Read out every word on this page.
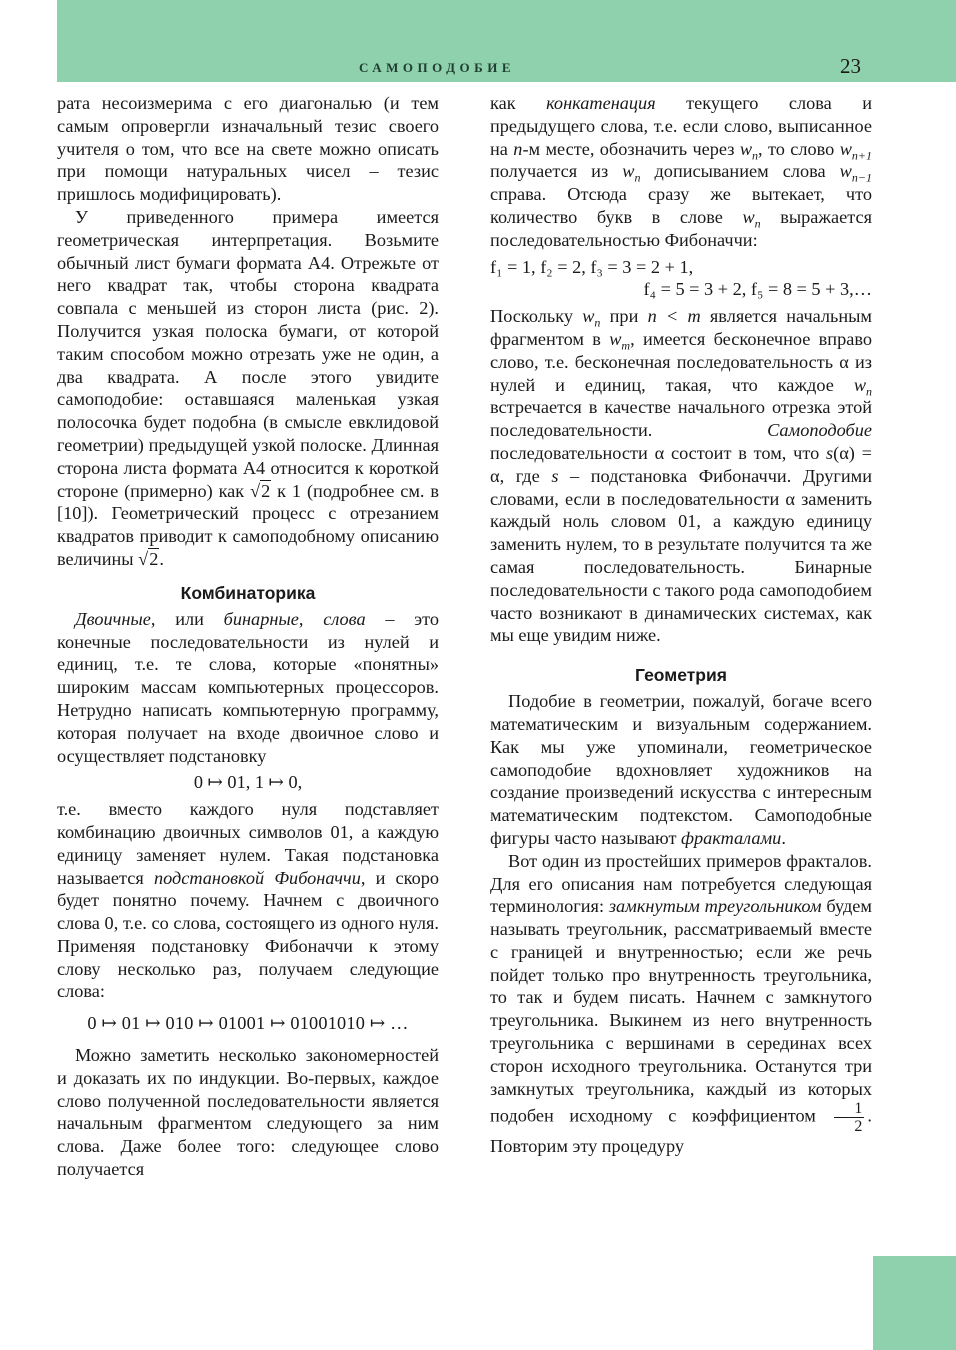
САМОПОДОБИЕ	23

рата несоизмерима с его диагональю (и тем самым опровергли изначальный тезис своего учителя о том, что все на свете можно описать при помощи натуральных чисел – тезис пришлось модифицировать).

У приведенного примера имеется геометрическая интерпретация. Возьмите обычный лист бумаги формата А4. Отрежьте от него квадрат так, чтобы сторона квадрата совпала с меньшей из сторон листа (рис. 2). Получится узкая полоска бумаги, от которой таким способом можно отрезать уже не один, а два квадрата. А после этого увидите самоподобие: оставшаяся маленькая узкая полосочка будет подобна (в смысле евклидовой геометрии) предыдущей узкой полоске. Длинная сторона листа формата А4 относится к короткой стороне (примерно) как √2 к 1 (подробнее см. в [10]). Геометрический процесс с отрезанием квадратов приводит к самоподобному описанию величины √2.

Комбинаторика

Двоичные, или бинарные, слова – это конечные последовательности из нулей и единиц, т.е. те слова, которые «понятны» широким массам компьютерных процессоров. Нетрудно написать компьютерную программу, которая получает на входе двоичное слово и осуществляет подстановку

0 ↦ 01, 1 ↦ 0,

т.е. вместо каждого нуля подставляет комбинацию двоичных символов 01, а каждую единицу заменяет нулем. Такая подстановка называется подстановкой Фибоначчи, и скоро будет понятно почему. Начнем с двоичного слова 0, т.е. со слова, состоящего из одного нуля. Применяя подстановку Фибоначчи к этому слову несколько раз, получаем следующие слова:

0 ↦ 01 ↦ 010 ↦ 01001 ↦ 01001010 ↦ …

Можно заметить несколько закономерностей и доказать их по индукции. Во-первых, каждое слово полученной последовательности является начальным фрагментом следующего за ним слова. Даже более того: следующее слово получается

как конкатенация текущего слова и предыдущего слова, т.е. если слово, выписанное на n-м месте, обозначить через $w_n$, то слово $w_{n+1}$ получается из $w_n$ дописыванием слова $w_{n-1}$ справа. Отсюда сразу же вытекает, что количество букв в слове $w_n$ выражается последовательностью Фибоначчи:

f₁ = 1, f₂ = 2, f₃ = 3 = 2 + 1,
f₄ = 5 = 3 + 2, f₅ = 8 = 5 + 3,…

Поскольку $w_n$ при n < m является начальным фрагментом в $w_m$, имеется бесконечное вправо слово, т.е. бесконечная последовательность α из нулей и единиц, такая, что каждое $w_n$ встречается в качестве начального отрезка этой последовательности.	Самоподобие последовательности α состоит в том, что s(α) = α, где s – подстановка Фибоначчи. Другими словами, если в последовательности α заменить каждый ноль словом 01, а каждую единицу заменить нулем, то в результате получится та же самая последовательность. Бинарные последовательности с такого рода самоподобием часто возникают в динамических системах, как мы еще увидим ниже.

Геометрия

Подобие в геометрии, пожалуй, богаче всего математическим и визуальным содержанием. Как мы уже упоминали, геометрическое самоподобие вдохновляет художников на создание произведений искусства с интересным математическим подтекстом. Самоподобные фигуры часто называют фракталами.

Вот один из простейших примеров фракталов. Для его описания нам потребуется следующая терминология: замкнутым треугольником будем называть треугольник, рассматриваемый вместе с границей и внутренностью; если же речь пойдет только про внутренность треугольника, то так и будем писать. Начнем с замкнутого треугольника. Выкинем из него внутренность треугольника с вершинами в серединах всех сторон исходного треугольника. Останутся три замкнутых треугольника, каждый из которых подобен исходному с коэффициентом $\frac{1}{2}$ . Повторим эту процедуру
